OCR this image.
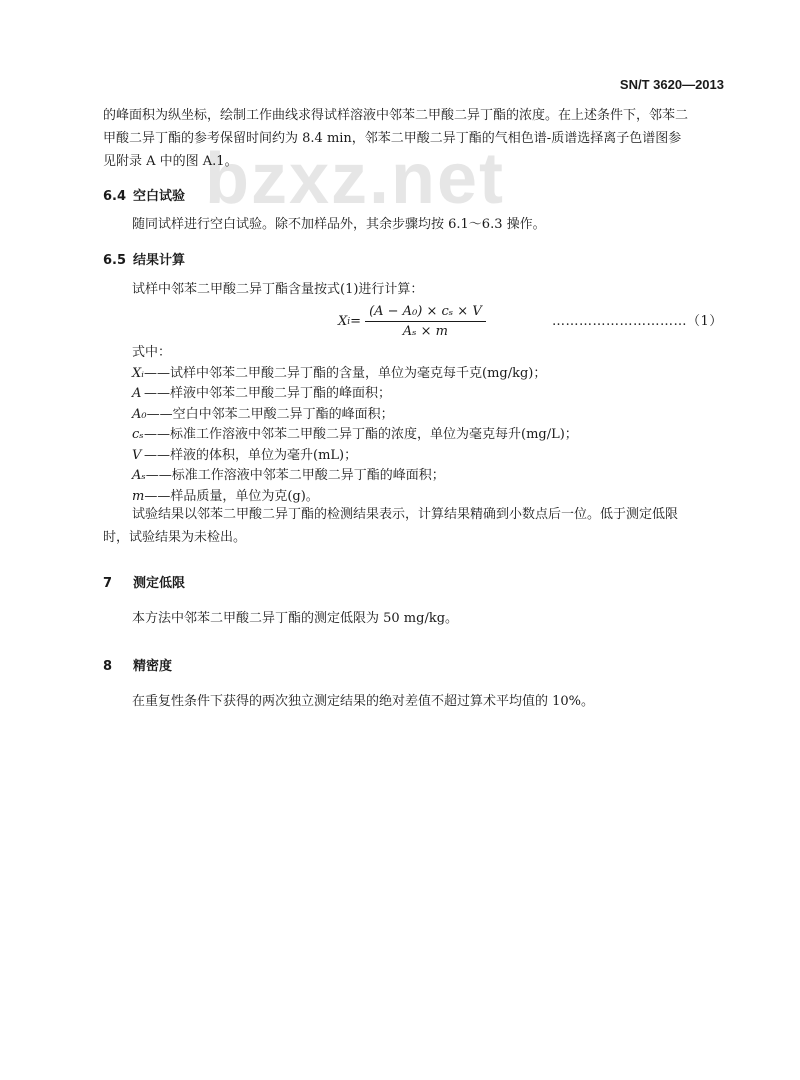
SN/T 3620—2013
bzxz.net
的峰面积为纵坐标，绘制工作曲线求得试样溶液中邻苯二甲酸二异丁酯的浓度。在上述条件下，邻苯二
甲酸二异丁酯的参考保留时间约为 8.4 min，邻苯二甲酸二异丁酯的气相色谱-质谱选择离子色谱图参
见附录 A 中的图 A.1。
6.4 空白试验
随同试样进行空白试验。除不加样品外，其余步骤均按 6.1～6.3 操作。
6.5 结果计算
试样中邻苯二甲酸二异丁酯含量按式(1)进行计算：
X $i = \frac{\text{(A − A₀) × cₛ × V}}{\text{Aₛ × m}}$	…………………………（1）
式中：
Xᵢ——试样中邻苯二甲酸二异丁酯的含量，单位为毫克每千克(mg/kg)；
A ——样液中邻苯二甲酸二异丁酯的峰面积；
A₀——空白中邻苯二甲酸二异丁酯的峰面积；
cₛ——标准工作溶液中邻苯二甲酸二异丁酯的浓度，单位为毫克每升(mg/L)；
V ——样液的体积，单位为毫升(mL)；
Aₛ——标准工作溶液中邻苯二甲酸二异丁酯的峰面积；
m——样品质量，单位为克(g)。
试验结果以邻苯二甲酸二异丁酯的检测结果表示，计算结果精确到小数点后一位。低于测定低限
时，试验结果为未检出。
7 测定低限
本方法中邻苯二甲酸二异丁酯的测定低限为 50 mg/kg。
8 精密度
在重复性条件下获得的两次独立测定结果的绝对差值不超过算术平均值的 10%。
